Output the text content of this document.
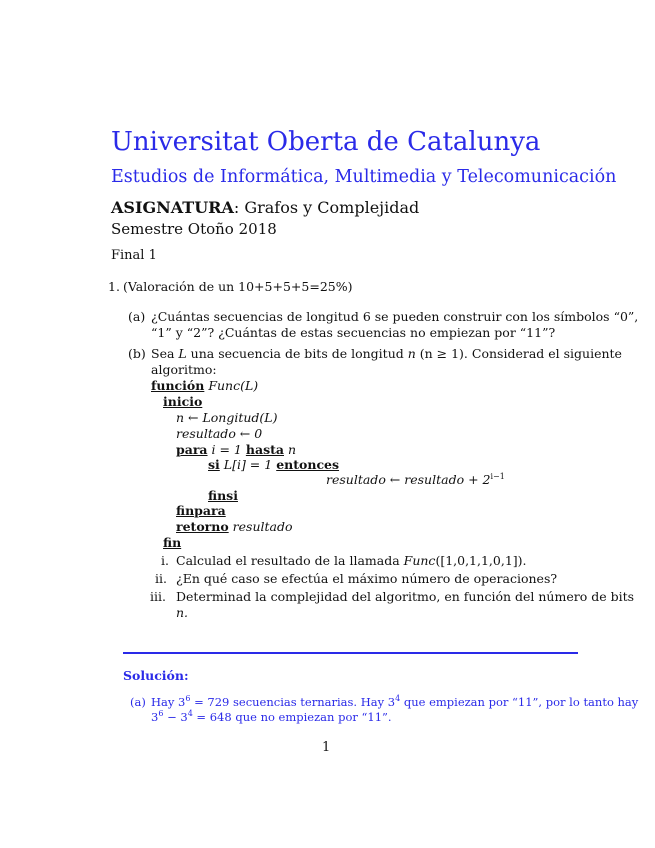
Universitat Oberta de Catalunya
Estudios de Informática, Multimedia y Telecomunicación
ASIGNATURA: Grafos y Complejidad
Semestre Otoño 2018
Final 1
1. (Valoración de un 10+5+5+5=25%)
(a) ¿Cuántas secuencias de longitud 6 se pueden construir con los símbolos “0”,
“1” y “2”? ¿Cuántas de estas secuencias no empiezan por “11”?
(b) Sea L una secuencia de bits de longitud n (n ≥ 1). Considerad el siguiente
algoritmo:
función Func(L)
inicio
n ← Longitud(L)
resultado ← 0
para i = 1 hasta n
si L[i] = 1 entonces
resultado ← resultado + $2^{i-1}$
finsi
finpara
retorno resultado
fin
i. Calculad el resultado de la llamada Func([1,0,1,1,0,1]).
ii. ¿En qué caso se efectúa el máximo número de operaciones?
iii. Determinad la complejidad del algoritmo, en función del número de bits
n.
Solución:
(a) Hay $3^6 = 729$ secuencias ternarias. Hay $3^4$ que empiezan por “11”, por lo tanto hay
$3^6 - 3^4 = 648$ que no empiezan por “11”.
1
